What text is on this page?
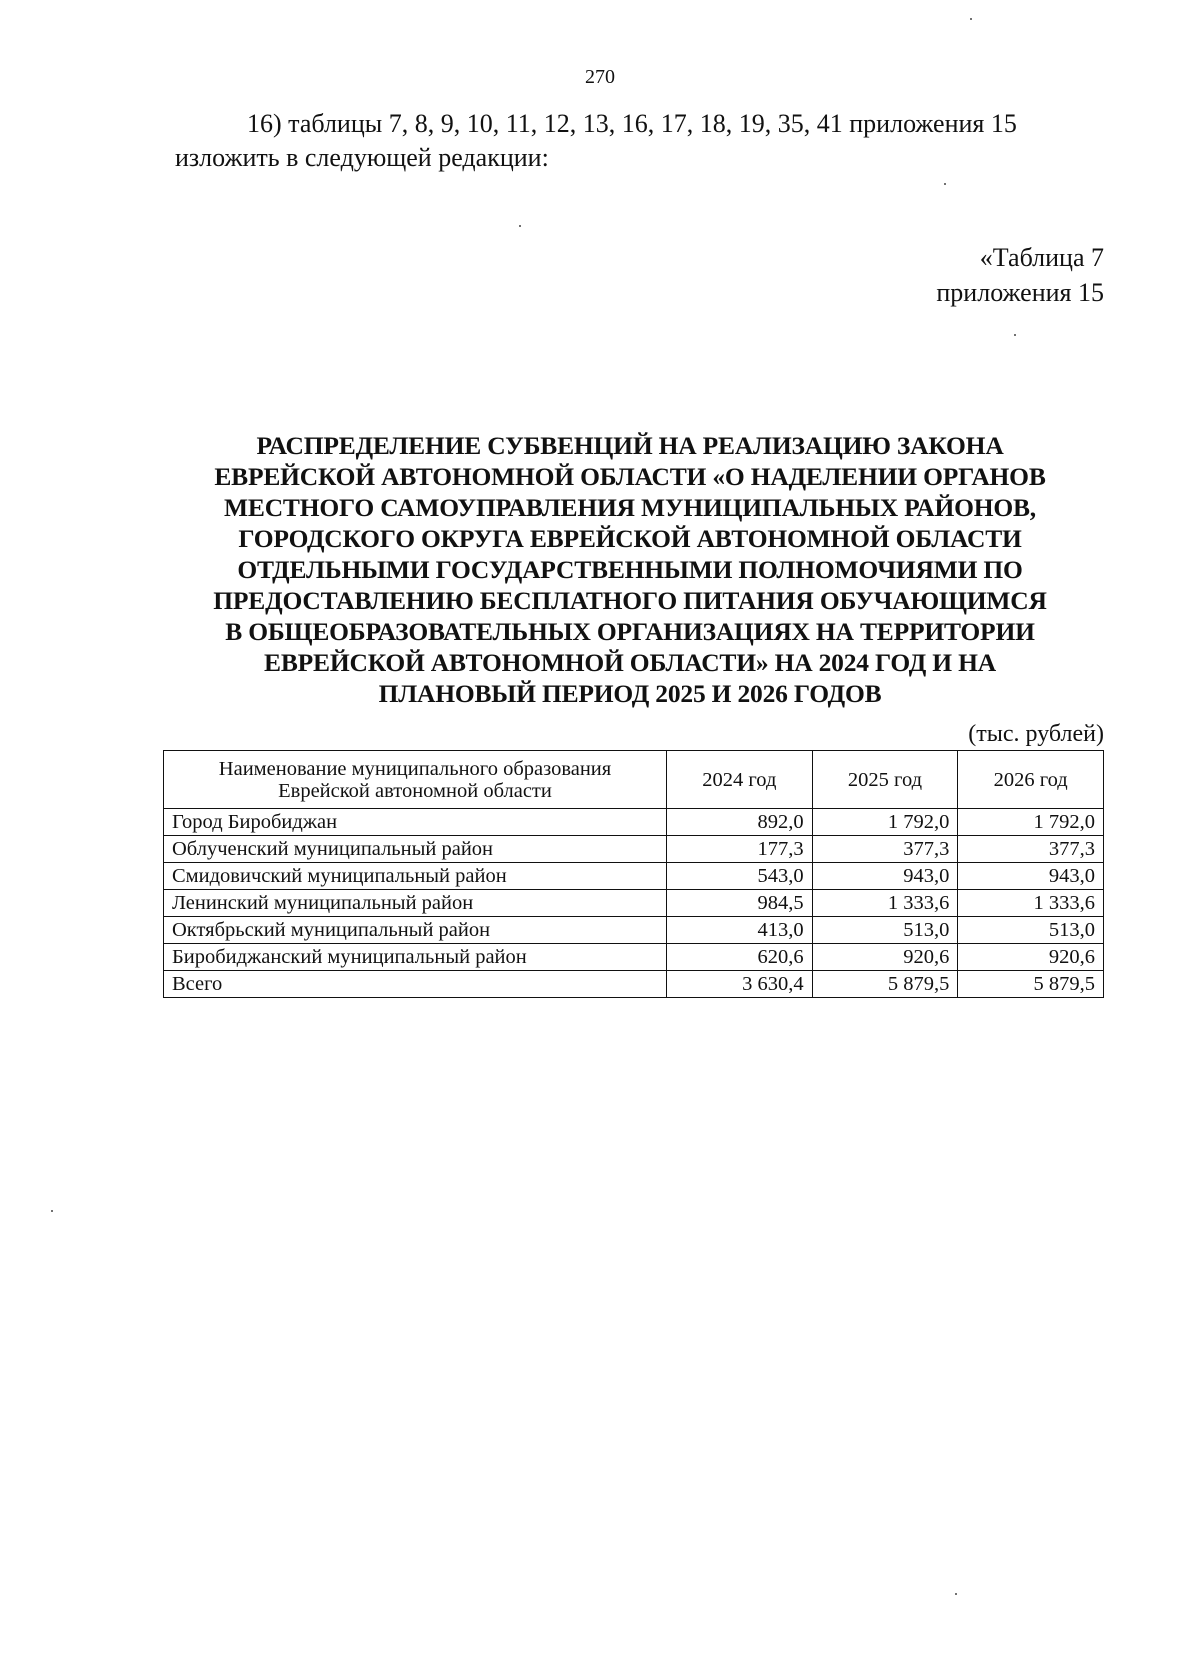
270
16) таблицы 7, 8, 9, 10, 11, 12, 13, 16, 17, 18, 19, 35, 41 приложения 15 изложить в следующей редакции:
«Таблица 7
приложения 15
РАСПРЕДЕЛЕНИЕ СУБВЕНЦИЙ НА РЕАЛИЗАЦИЮ ЗАКОНА
ЕВРЕЙСКОЙ АВТОНОМНОЙ ОБЛАСТИ «О НАДЕЛЕНИИ ОРГАНОВ
МЕСТНОГО САМОУПРАВЛЕНИЯ МУНИЦИПАЛЬНЫХ РАЙОНОВ,
ГОРОДСКОГО ОКРУГА ЕВРЕЙСКОЙ АВТОНОМНОЙ ОБЛАСТИ
ОТДЕЛЬНЫМИ ГОСУДАРСТВЕННЫМИ ПОЛНОМОЧИЯМИ ПО
ПРЕДОСТАВЛЕНИЮ БЕСПЛАТНОГО ПИТАНИЯ ОБУЧАЮЩИМСЯ
В ОБЩЕОБРАЗОВАТЕЛЬНЫХ ОРГАНИЗАЦИЯХ НА ТЕРРИТОРИИ
ЕВРЕЙСКОЙ АВТОНОМНОЙ ОБЛАСТИ» НА 2024 ГОД И НА
ПЛАНОВЫЙ ПЕРИОД 2025 И 2026 ГОДОВ
(тыс. рублей)
Наименование муниципального образования
Еврейской автономной области	2024 год	2025 год	2026 год
Город Биробиджан	892,0	1 792,0	1 792,0
Облученский муниципальный район	177,3	377,3	377,3
Смидовичский муниципальный район	543,0	943,0	943,0
Ленинский муниципальный район	984,5	1 333,6	1 333,6
Октябрьский муниципальный район	413,0	513,0	513,0
Биробиджанский муниципальный район	620,6	920,6	920,6
Всего	3 630,4	5 879,5	5 879,5
